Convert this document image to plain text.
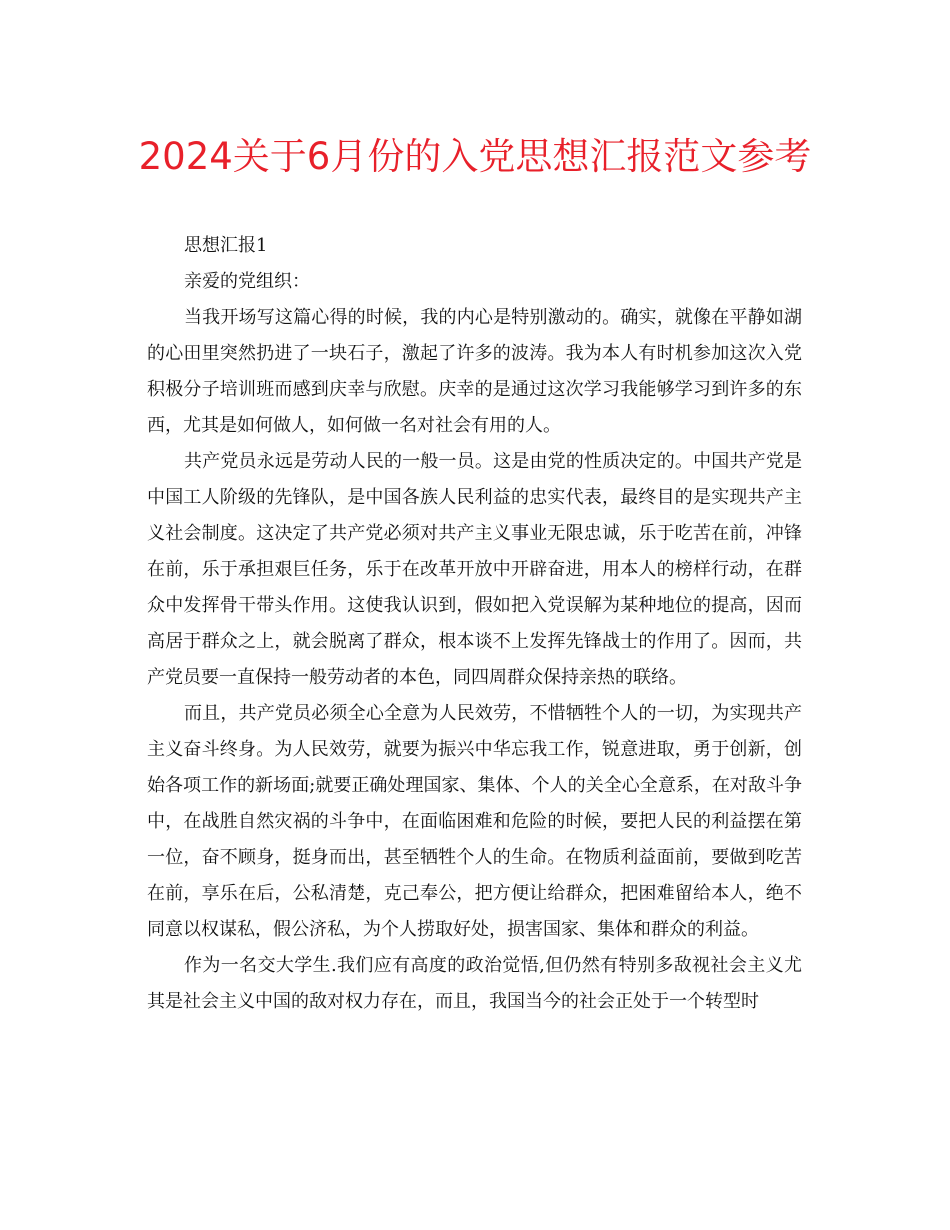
2024关于6月份的入党思想汇报范文参考

思想汇报1

亲爱的党组织：

当我开场写这篇心得的时候，我的内心是特别激动的。确实，就像在平静如湖的心田里突然扔进了一块石子，激起了许多的波涛。我为本人有时机参加这次入党积极分子培训班而感到庆幸与欣慰。庆幸的是通过这次学习我能够学习到许多的东西，尤其是如何做人，如何做一名对社会有用的人。

共产党员永远是劳动人民的一般一员。这是由党的性质决定的。中国共产党是中国工人阶级的先锋队，是中国各族人民利益的忠实代表，最终目的是实现共产主义社会制度。这决定了共产党必须对共产主义事业无限忠诚，乐于吃苦在前，冲锋在前，乐于承担艰巨任务，乐于在改革开放中开辟奋进，用本人的榜样行动，在群众中发挥骨干带头作用。这使我认识到，假如把入党误解为某种地位的提高，因而高居于群众之上，就会脱离了群众，根本谈不上发挥先锋战士的作用了。因而，共产党员要一直保持一般劳动者的本色，同四周群众保持亲热的联络。

而且，共产党员必须全心全意为人民效劳，不惜牺牲个人的一切，为实现共产主义奋斗终身。为人民效劳，就要为振兴中华忘我工作，锐意进取，勇于创新，创始各项工作的新场面;就要正确处理国家、集体、个人的关全心全意系，在对敌斗争中，在战胜自然灾祸的斗争中，在面临困难和危险的时候，要把人民的利益摆在第一位，奋不顾身，挺身而出，甚至牺牲个人的生命。在物质利益面前，要做到吃苦在前，享乐在后，公私清楚，克己奉公，把方便让给群众，把困难留给本人，绝不同意以权谋私，假公济私，为个人捞取好处，损害国家、集体和群众的利益。

作为一名交大学生.我们应有高度的政治觉悟,但仍然有特别多敌视社会主义尤其是社会主义中国的敌对权力存在，而且，我国当今的社会正处于一个转型时
